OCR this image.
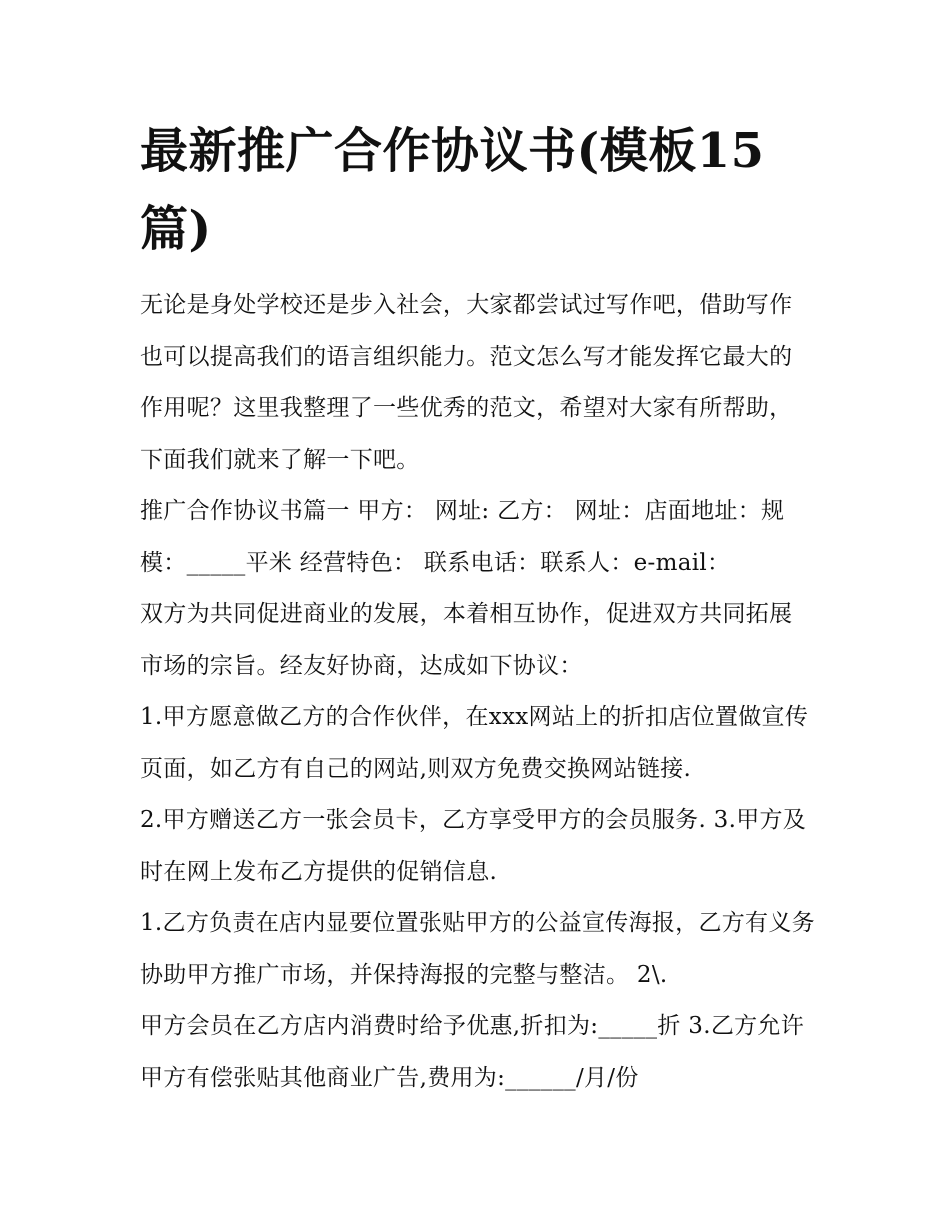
最新推广合作协议书(模板15篇)

无论是身处学校还是步入社会，大家都尝试过写作吧，借助写作也可以提高我们的语言组织能力。范文怎么写才能发挥它最大的作用呢？这里我整理了一些优秀的范文，希望对大家有所帮助，下面我们就来了解一下吧。

推广合作协议书篇一 甲方： 网址: 乙方： 网址：店面地址：规模：_____平米 经营特色： 联系电话：联系人：e-mail：

双方为共同促进商业的发展，本着相互协作，促进双方共同拓展市场的宗旨。经友好协商，达成如下协议：

1.甲方愿意做乙方的合作伙伴，在xxx网站上的折扣店位置做宣传页面，如乙方有自己的网站,则双方免费交换网站链接.

2.甲方赠送乙方一张会员卡，乙方享受甲方的会员服务. 3.甲方及时在网上发布乙方提供的促销信息.

1.乙方负责在店内显要位置张贴甲方的公益宣传海报，乙方有义务协助甲方推广市场，并保持海报的完整与整洁。 2\.

甲方会员在乙方店内消费时给予优惠,折扣为:_____折 3.乙方允许甲方有偿张贴其他商业广告,费用为:______/月/份
